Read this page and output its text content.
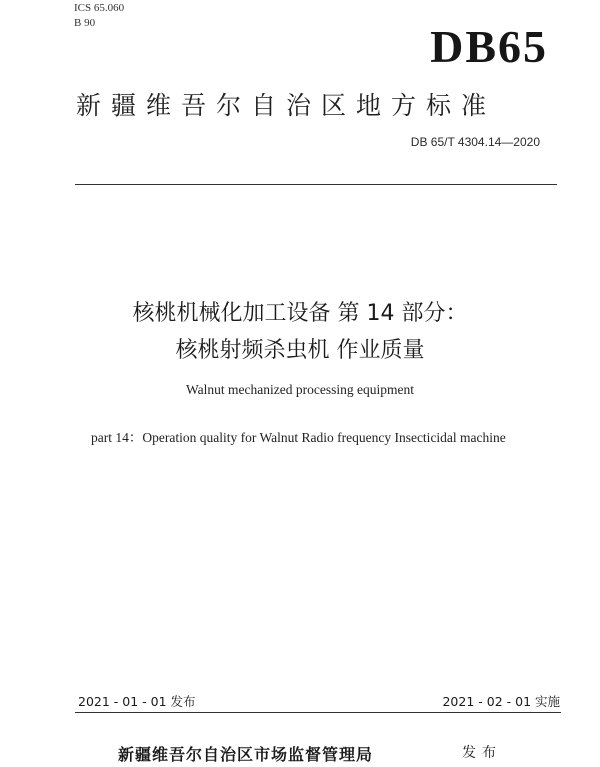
ICS 65.060
B 90	DB65
新疆维吾尔自治区地方标准
DB 65/T 4304.14—2020
核桃机械化加工设备 第 14 部分：
核桃射频杀虫机 作业质量
Walnut mechanized processing equipment
part 14：Operation quality for Walnut Radio frequency Insecticidal machine
2021 - 01 - 01 发布	2021 - 02 - 01 实施
新疆维吾尔自治区市场监督管理局	发布
